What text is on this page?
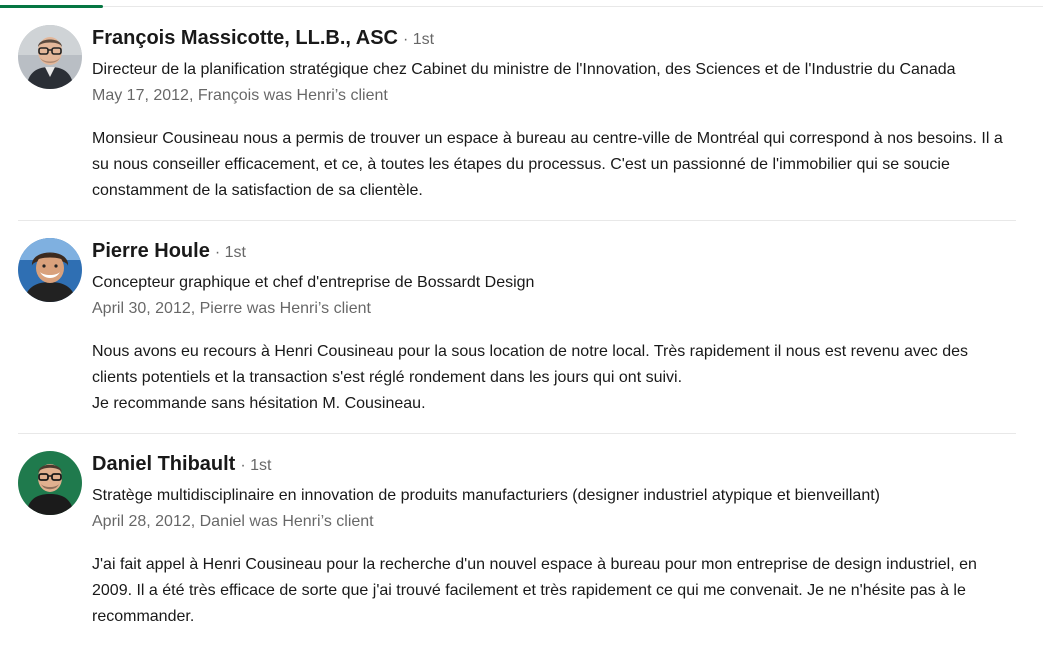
François Massicotte, LL.B., ASC · 1st
Directeur de la planification stratégique chez Cabinet du ministre de l'Innovation, des Sciences et de l'Industrie du Canada
May 17, 2012, François was Henri’s client
Monsieur Cousineau nous a permis de trouver un espace à bureau au centre-ville de Montréal qui correspond à nos besoins. Il a su nous conseiller efficacement, et ce, à toutes les étapes du processus. C'est un passionné de l'immobilier qui se soucie constamment de la satisfaction de sa clientèle.
Pierre Houle · 1st
Concepteur graphique et chef d'entreprise de Bossardt Design
April 30, 2012, Pierre was Henri’s client
Nous avons eu recours à Henri Cousineau pour la sous location de notre local. Très rapidement il nous est revenu avec des clients potentiels et la transaction s'est réglé rondement dans les jours qui ont suivi.
Je recommande sans hésitation M. Cousineau.
Daniel Thibault · 1st
Stratège multidisciplinaire en innovation de produits manufacturiers (designer industriel atypique et bienveillant)
April 28, 2012, Daniel was Henri’s client
J'ai fait appel à Henri Cousineau pour la recherche d'un nouvel espace à bureau pour mon entreprise de design industriel, en 2009. Il a été très efficace de sorte que j'ai trouvé facilement et très rapidement ce qui me convenait. Je ne n'hésite pas à le recommander.
